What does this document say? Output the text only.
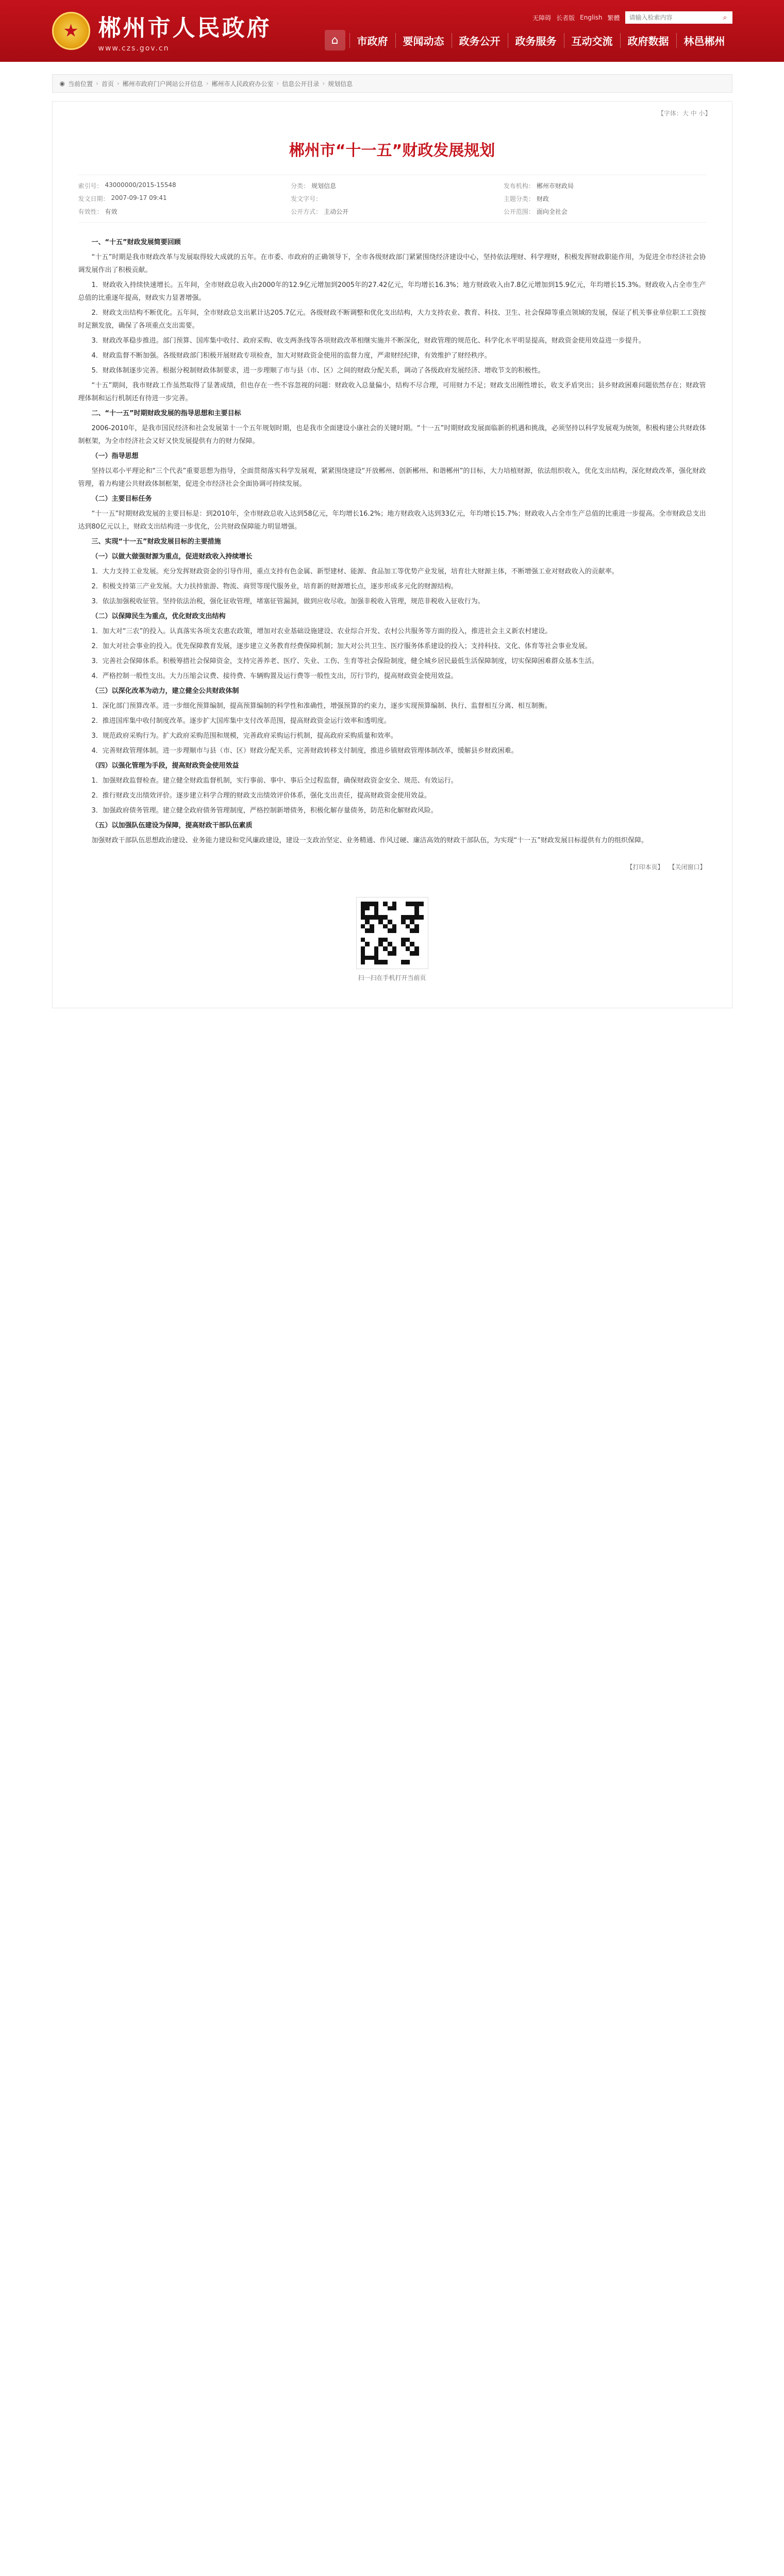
★ 郴州市人民政府
www.czs.gov.cn
无障碍 长者版 English 繁體
请输入检索内容	⌕
⌂	市政府	要闻动态	政务公开	政务服务	互动交流	政府数据	林邑郴州
◉ 当前位置 › 首页 › 郴州市政府门户网站公开信息 › 郴州市人民政府办公室 › 信息公开目录 › 规划信息
【字体：大 中 小】
郴州市“十一五”财政发展规划
索引号： 43000000/2015-15548	分类： 规划信息	发布机构： 郴州市财政局
发文日期： 2007-09-17 09:41	发文字号：	主题分类： 财政
有效性： 有效	公开方式： 主动公开	公开范围： 面向全社会

一、“十五”财政发展简要回顾

“十五”时期是我市财政改革与发展取得较大成就的五年。在市委、市政府的正确领导下，全市各级财政部门紧紧围绕经济建设中心，坚持依法理财、科学理财，积极发挥财政职能作用，为促进全市经济社会协调发展作出了积极贡献。

1．财政收入持续快速增长。五年间，全市财政总收入由2000年的12.9亿元增加到2005年的27.42亿元，年均增长16.3%；地方财政收入由7.8亿元增加到15.9亿元，年均增长15.3%。财政收入占全市生产总值的比重逐年提高，财政实力显著增强。

2．财政支出结构不断优化。五年间，全市财政总支出累计达205.7亿元。各级财政不断调整和优化支出结构，大力支持农业、教育、科技、卫生、社会保障等重点领域的发展，保证了机关事业单位职工工资按时足额发放，确保了各项重点支出需要。

3．财政改革稳步推进。部门预算、国库集中收付、政府采购、收支两条线等各项财政改革相继实施并不断深化，财政管理的规范化、科学化水平明显提高，财政资金使用效益进一步提升。

4．财政监督不断加强。各级财政部门积极开展财政专项检查，加大对财政资金使用的监督力度，严肃财经纪律，有效维护了财经秩序。

5．财政体制逐步完善。根据分税制财政体制要求，进一步理顺了市与县（市、区）之间的财政分配关系，调动了各级政府发展经济、增收节支的积极性。

“十五”期间，我市财政工作虽然取得了显著成绩，但也存在一些不容忽视的问题：财政收入总量偏小，结构不尽合理，可用财力不足；财政支出刚性增长，收支矛盾突出；县乡财政困难问题依然存在；财政管理体制和运行机制还有待进一步完善。

二、“十一五”时期财政发展的指导思想和主要目标

2006-2010年，是我市国民经济和社会发展第十一个五年规划时期，也是我市全面建设小康社会的关键时期。“十一五”时期财政发展面临新的机遇和挑战，必须坚持以科学发展观为统领，积极构建公共财政体制框架，为全市经济社会又好又快发展提供有力的财力保障。

（一）指导思想

坚持以邓小平理论和“三个代表”重要思想为指导，全面贯彻落实科学发展观，紧紧围绕建设“开放郴州、创新郴州、和谐郴州”的目标，大力培植财源，依法组织收入，优化支出结构，深化财政改革，强化财政管理，着力构建公共财政体制框架，促进全市经济社会全面协调可持续发展。

（二）主要目标任务

“十一五”时期财政发展的主要目标是：到2010年，全市财政总收入达到58亿元，年均增长16.2%；地方财政收入达到33亿元，年均增长15.7%；财政收入占全市生产总值的比重进一步提高。全市财政总支出达到80亿元以上，财政支出结构进一步优化，公共财政保障能力明显增强。

三、实现“十一五”财政发展目标的主要措施

（一）以做大做强财源为重点，促进财政收入持续增长

1．大力支持工业发展。充分发挥财政资金的引导作用，重点支持有色金属、新型建材、能源、食品加工等优势产业发展，培育壮大财源主体，不断增强工业对财政收入的贡献率。

2．积极支持第三产业发展。大力扶持旅游、物流、商贸等现代服务业，培育新的财源增长点，逐步形成多元化的财源结构。

3．依法加强税收征管。坚持依法治税，强化征收管理，堵塞征管漏洞，做到应收尽收。加强非税收入管理，规范非税收入征收行为。

（二）以保障民生为重点，优化财政支出结构

1．加大对“三农”的投入。认真落实各项支农惠农政策，增加对农业基础设施建设、农业综合开发、农村公共服务等方面的投入，推进社会主义新农村建设。

2．加大对社会事业的投入。优先保障教育发展，逐步建立义务教育经费保障机制；加大对公共卫生、医疗服务体系建设的投入；支持科技、文化、体育等社会事业发展。

3．完善社会保障体系。积极筹措社会保障资金，支持完善养老、医疗、失业、工伤、生育等社会保险制度，健全城乡居民最低生活保障制度，切实保障困难群众基本生活。

4．严格控制一般性支出。大力压缩会议费、接待费、车辆购置及运行费等一般性支出，厉行节约，提高财政资金使用效益。

（三）以深化改革为动力，建立健全公共财政体制

1．深化部门预算改革。进一步细化预算编制，提高预算编制的科学性和准确性，增强预算的约束力，逐步实现预算编制、执行、监督相互分离、相互制衡。

2．推进国库集中收付制度改革。逐步扩大国库集中支付改革范围，提高财政资金运行效率和透明度。

3．规范政府采购行为。扩大政府采购范围和规模，完善政府采购运行机制，提高政府采购质量和效率。

4．完善财政管理体制。进一步理顺市与县（市、区）财政分配关系，完善财政转移支付制度，推进乡镇财政管理体制改革，缓解县乡财政困难。

（四）以强化管理为手段，提高财政资金使用效益

1．加强财政监督检查。建立健全财政监督机制，实行事前、事中、事后全过程监督，确保财政资金安全、规范、有效运行。

2．推行财政支出绩效评价。逐步建立科学合理的财政支出绩效评价体系，强化支出责任，提高财政资金使用效益。

3．加强政府债务管理。建立健全政府债务管理制度，严格控制新增债务，积极化解存量债务，防范和化解财政风险。

（五）以加强队伍建设为保障，提高财政干部队伍素质

加强财政干部队伍思想政治建设、业务能力建设和党风廉政建设，建设一支政治坚定、业务精通、作风过硬、廉洁高效的财政干部队伍，为实现“十一五”财政发展目标提供有力的组织保障。

【打印本页】 【关闭窗口】
扫一扫在手机打开当前页
